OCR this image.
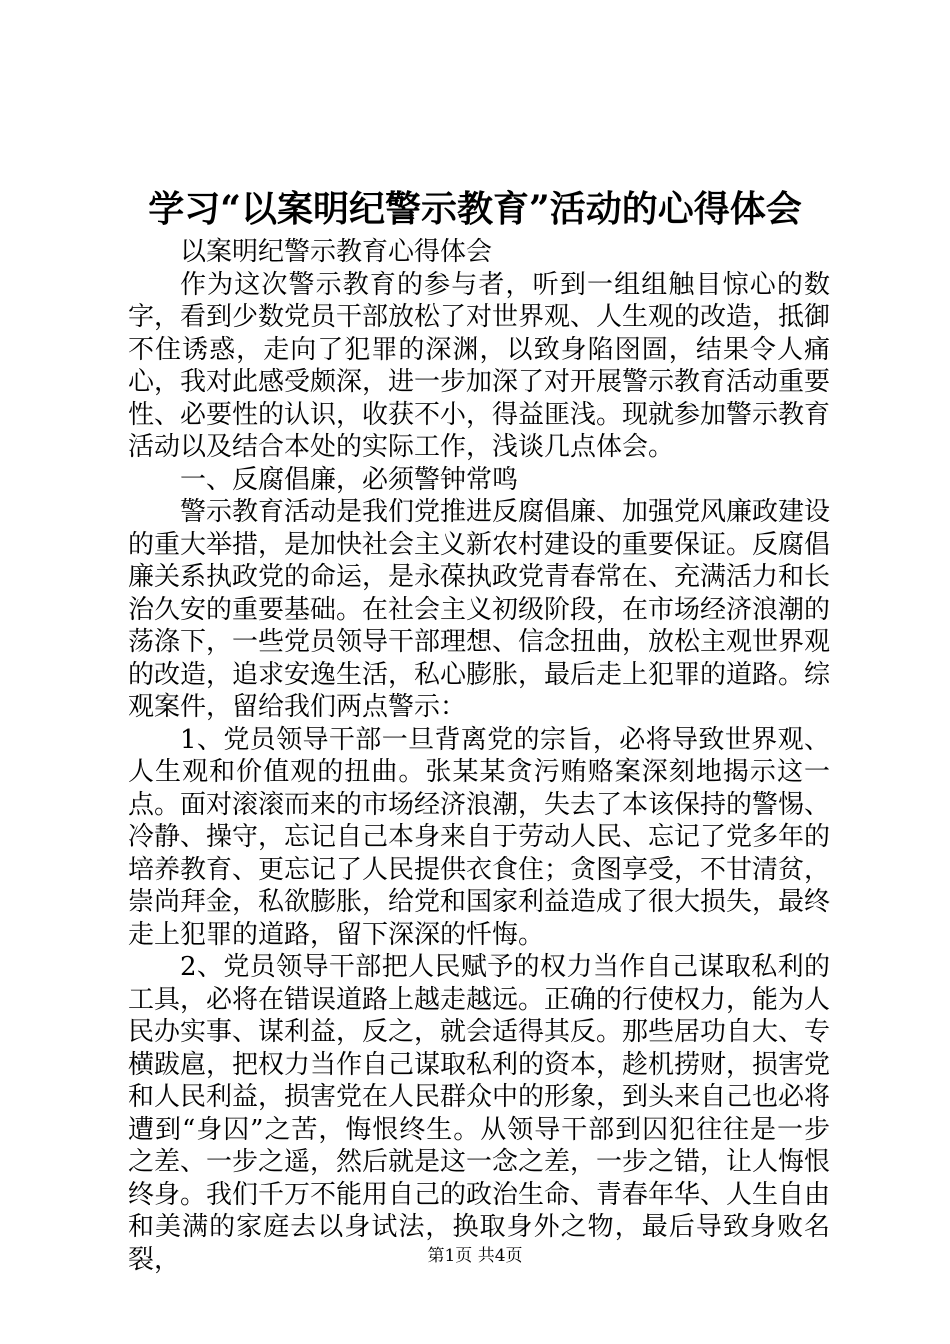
学习“以案明纪警示教育”活动的心得体会

以案明纪警示教育心得体会

作为这次警示教育的参与者，听到一组组触目惊心的数字，看到少数党员干部放松了对世界观、人生观的改造，抵御不住诱惑，走向了犯罪的深渊，以致身陷囹圄，结果令人痛心，我对此感受颇深，进一步加深了对开展警示教育活动重要性、必要性的认识，收获不小，得益匪浅。现就参加警示教育活动以及结合本处的实际工作，浅谈几点体会。

一、反腐倡廉，必须警钟常鸣

警示教育活动是我们党推进反腐倡廉、加强党风廉政建设的重大举措，是加快社会主义新农村建设的重要保证。反腐倡廉关系执政党的命运，是永葆执政党青春常在、充满活力和长治久安的重要基础。在社会主义初级阶段，在市场经济浪潮的荡涤下，一些党员领导干部理想、信念扭曲，放松主观世界观的改造，追求安逸生活，私心膨胀，最后走上犯罪的道路。综观案件，留给我们两点警示：

1、党员领导干部一旦背离党的宗旨，必将导致世界观、人生观和价值观的扭曲。张某某贪污贿赂案深刻地揭示这一点。面对滚滚而来的市场经济浪潮，失去了本该保持的警惕、冷静、操守，忘记自己本身来自于劳动人民、忘记了党多年的培养教育、更忘记了人民提供衣食住；贪图享受，不甘清贫，崇尚拜金，私欲膨胀，给党和国家利益造成了很大损失，最终走上犯罪的道路，留下深深的忏悔。

2、党员领导干部把人民赋予的权力当作自己谋取私利的工具，必将在错误道路上越走越远。正确的行使权力，能为人民办实事、谋利益，反之，就会适得其反。那些居功自大、专横跋扈，把权力当作自己谋取私利的资本，趁机捞财，损害党和人民利益，损害党在人民群众中的形象，到头来自己也必将遭到“身囚”之苦，悔恨终生。从领导干部到囚犯往往是一步之差、一步之遥，然后就是这一念之差，一步之错，让人悔恨终身。我们千万不能用自己的政治生命、青春年华、人生自由和美满的家庭去以身试法，换取身外之物，最后导致身败名裂，	第1页 共4页
